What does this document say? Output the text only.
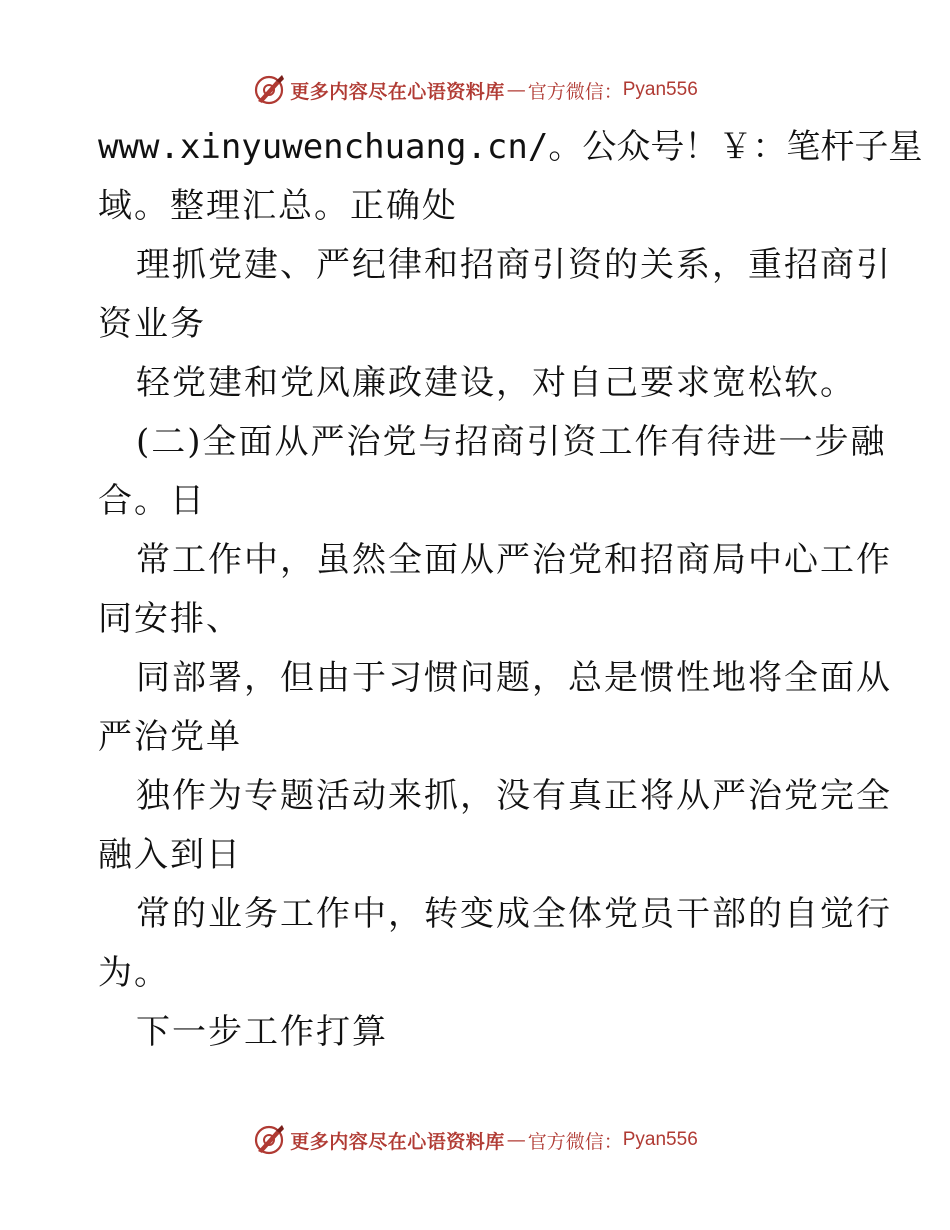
更多内容尽在心语资料库 — 官方微信： Pyan556
www.xinyuwenchuang.cn/。公众号！￥：笔杆子星
域。整理汇总。正确处
理抓党建、严纪律和招商引资的关系，重招商引
资业务
轻党建和党风廉政建设，对自己要求宽松软。
(二)全面从严治党与招商引资工作有待进一步融
合。日
常工作中，虽然全面从严治党和招商局中心工作
同安排、
同部署，但由于习惯问题，总是惯性地将全面从
严治党单
独作为专题活动来抓，没有真正将从严治党完全
融入到日
常的业务工作中，转变成全体党员干部的自觉行
为。
下一步工作打算
更多内容尽在心语资料库 — 官方微信： Pyan556
